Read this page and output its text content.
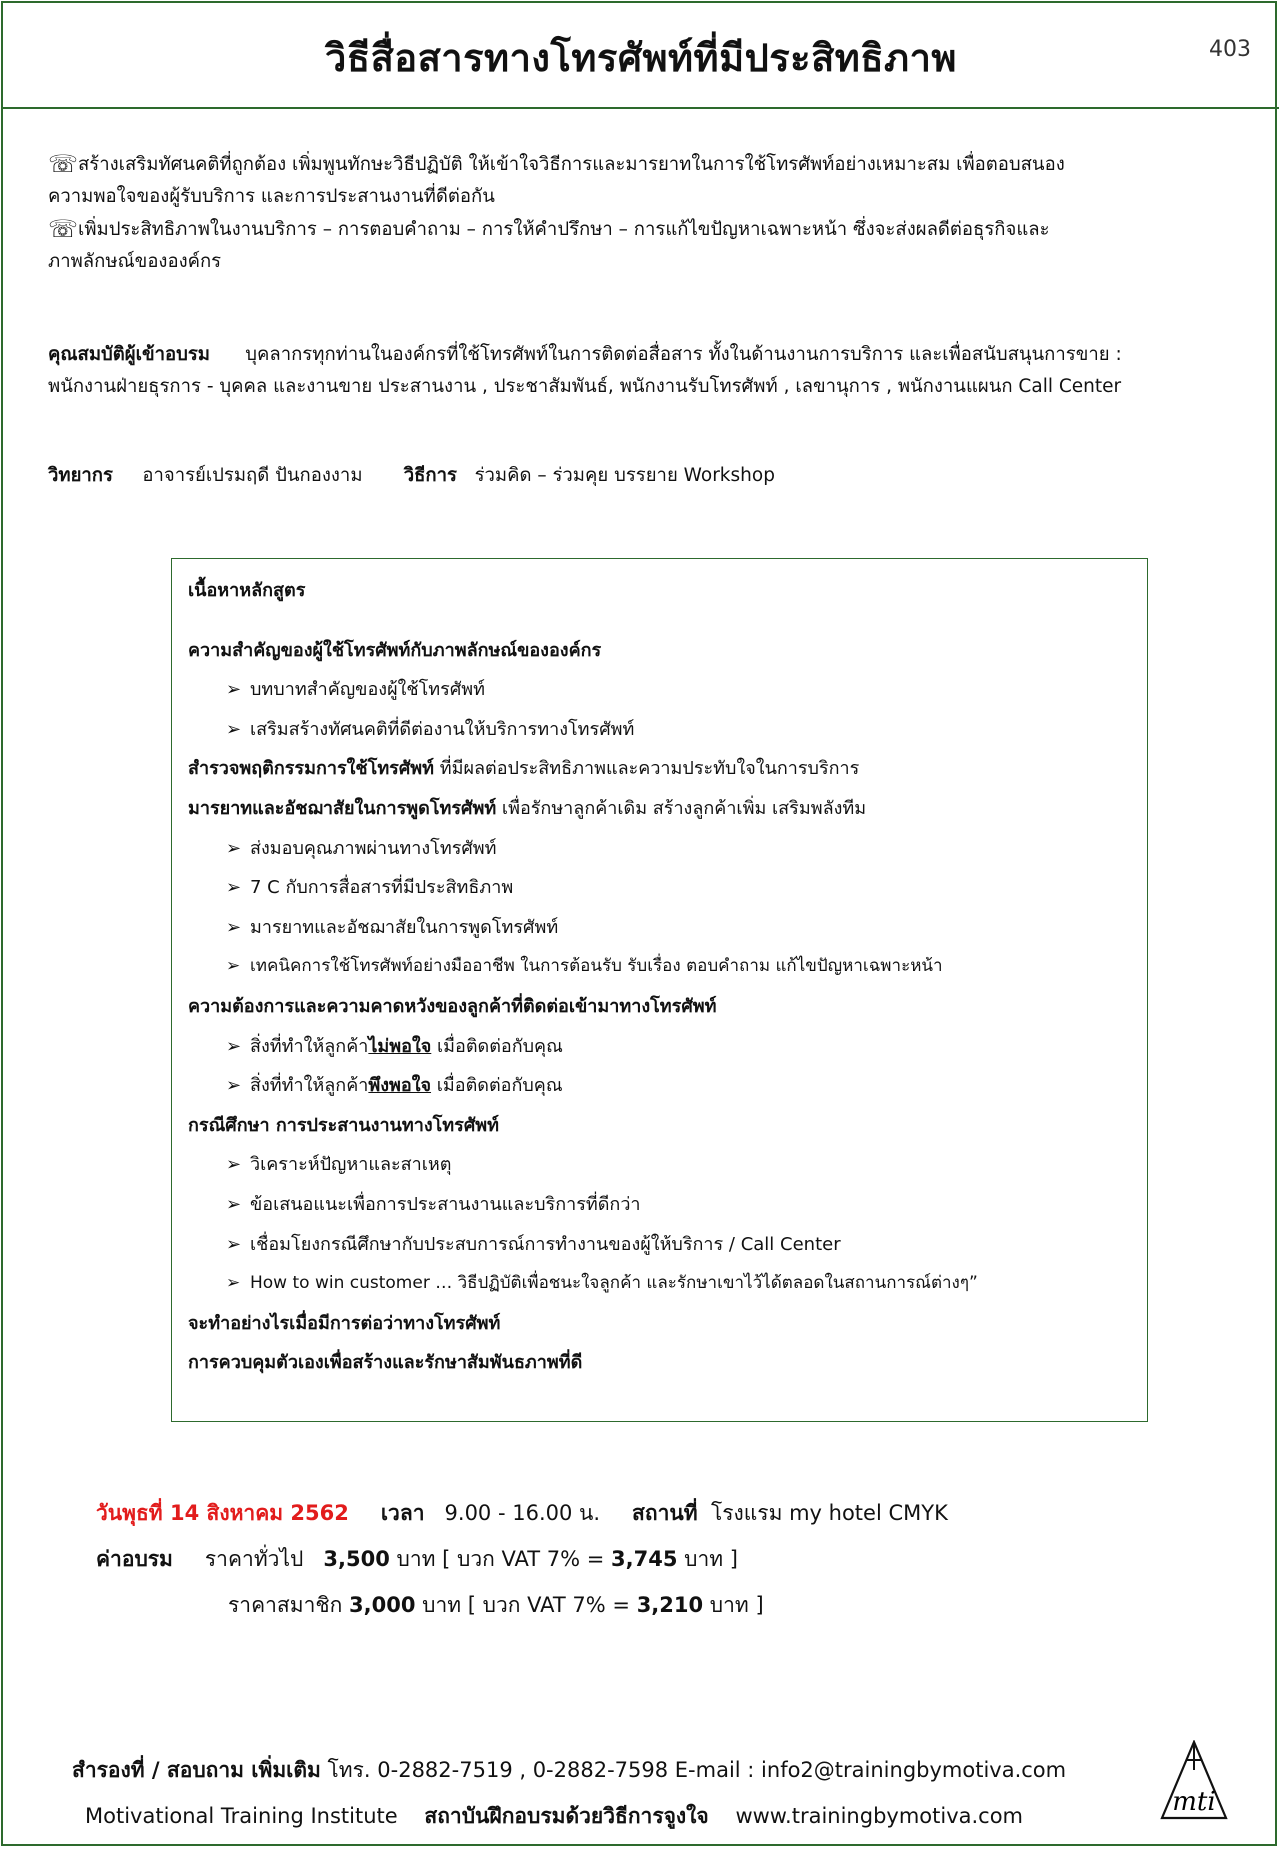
วิธีสื่อสารทางโทรศัพท์ที่มีประสิทธิภาพ	403
☏สร้างเสริมทัศนคติที่ถูกต้อง เพิ่มพูนทักษะวิธีปฏิบัติ ให้เข้าใจวิธีการและมารยาทในการใช้โทรศัพท์อย่างเหมาะสม เพื่อตอบสนอง
ความพอใจของผู้รับบริการ และการประสานงานที่ดีต่อกัน
☏เพิ่มประสิทธิภาพในงานบริการ – การตอบคำถาม – การให้คำปรึกษา – การแก้ไขปัญหาเฉพาะหน้า ซึ่งจะส่งผลดีต่อธุรกิจและ
ภาพลักษณ์ขององค์กร
คุณสมบัติผู้เข้าอบรม บุคลากรทุกท่านในองค์กรที่ใช้โทรศัพท์ในการติดต่อสื่อสาร ทั้งในด้านงานการบริการ และเพื่อสนับสนุนการขาย :
พนักงานฝ่ายธุรการ - บุคคล และงานขาย ประสานงาน , ประชาสัมพันธ์, พนักงานรับโทรศัพท์ , เลขานุการ , พนักงานแผนก Call Center
วิทยากร อาจารย์เปรมฤดี ปันกองงาม วิธีการ ร่วมคิด – ร่วมคุย บรรยาย Workshop
เนื้อหาหลักสูตร
ความสำคัญของผู้ใช้โทรศัพท์กับภาพลักษณ์ขององค์กร
➢ บทบาทสำคัญของผู้ใช้โทรศัพท์
➢ เสริมสร้างทัศนคติที่ดีต่องานให้บริการทางโทรศัพท์
สำรวจพฤติกรรมการใช้โทรศัพท์ ที่มีผลต่อประสิทธิภาพและความประทับใจในการบริการ
มารยาทและอัชฌาสัยในการพูดโทรศัพท์ เพื่อรักษาลูกค้าเดิม สร้างลูกค้าเพิ่ม เสริมพลังทีม
➢ ส่งมอบคุณภาพผ่านทางโทรศัพท์
➢ 7 C กับการสื่อสารที่มีประสิทธิภาพ
➢ มารยาทและอัชฌาสัยในการพูดโทรศัพท์
➢ เทคนิคการใช้โทรศัพท์อย่างมืออาชีพ ในการต้อนรับ รับเรื่อง ตอบคำถาม แก้ไขปัญหาเฉพาะหน้า
ความต้องการและความคาดหวังของลูกค้าที่ติดต่อเข้ามาทางโทรศัพท์
➢ สิ่งที่ทำให้ลูกค้าไม่พอใจ เมื่อติดต่อกับคุณ
➢ สิ่งที่ทำให้ลูกค้าพึงพอใจ เมื่อติดต่อกับคุณ
กรณีศึกษา การประสานงานทางโทรศัพท์
➢ วิเคราะห์ปัญหาและสาเหตุ
➢ ข้อเสนอแนะเพื่อการประสานงานและบริการที่ดีกว่า
➢ เชื่อมโยงกรณีศึกษากับประสบการณ์การทำงานของผู้ให้บริการ / Call Center
➢ How to win customer … วิธีปฏิบัติเพื่อชนะใจลูกค้า และรักษาเขาไว้ได้ตลอดในสถานการณ์ต่างๆ”
จะทำอย่างไรเมื่อมีการต่อว่าทางโทรศัพท์
การควบคุมตัวเองเพื่อสร้างและรักษาสัมพันธภาพที่ดี
วันพุธที่ 14 สิงหาคม 2562 เวลา 9.00 - 16.00 น. สถานที่ โรงแรม my hotel CMYK
ค่าอบรม ราคาทั่วไป 3,500 บาท [ บวก VAT 7% = 3,745 บาท ]
ราคาสมาชิก 3,000 บาท [ บวก VAT 7% = 3,210 บาท ]
สำรองที่ / สอบถาม เพิ่มเติม โทร. 0-2882-7519 , 0-2882-7598 E-mail : info2@trainingbymotiva.com
Motivational Training Institute สถาบันฝึกอบรมด้วยวิธีการจูงใจ www.trainingbymotiva.com	mti
